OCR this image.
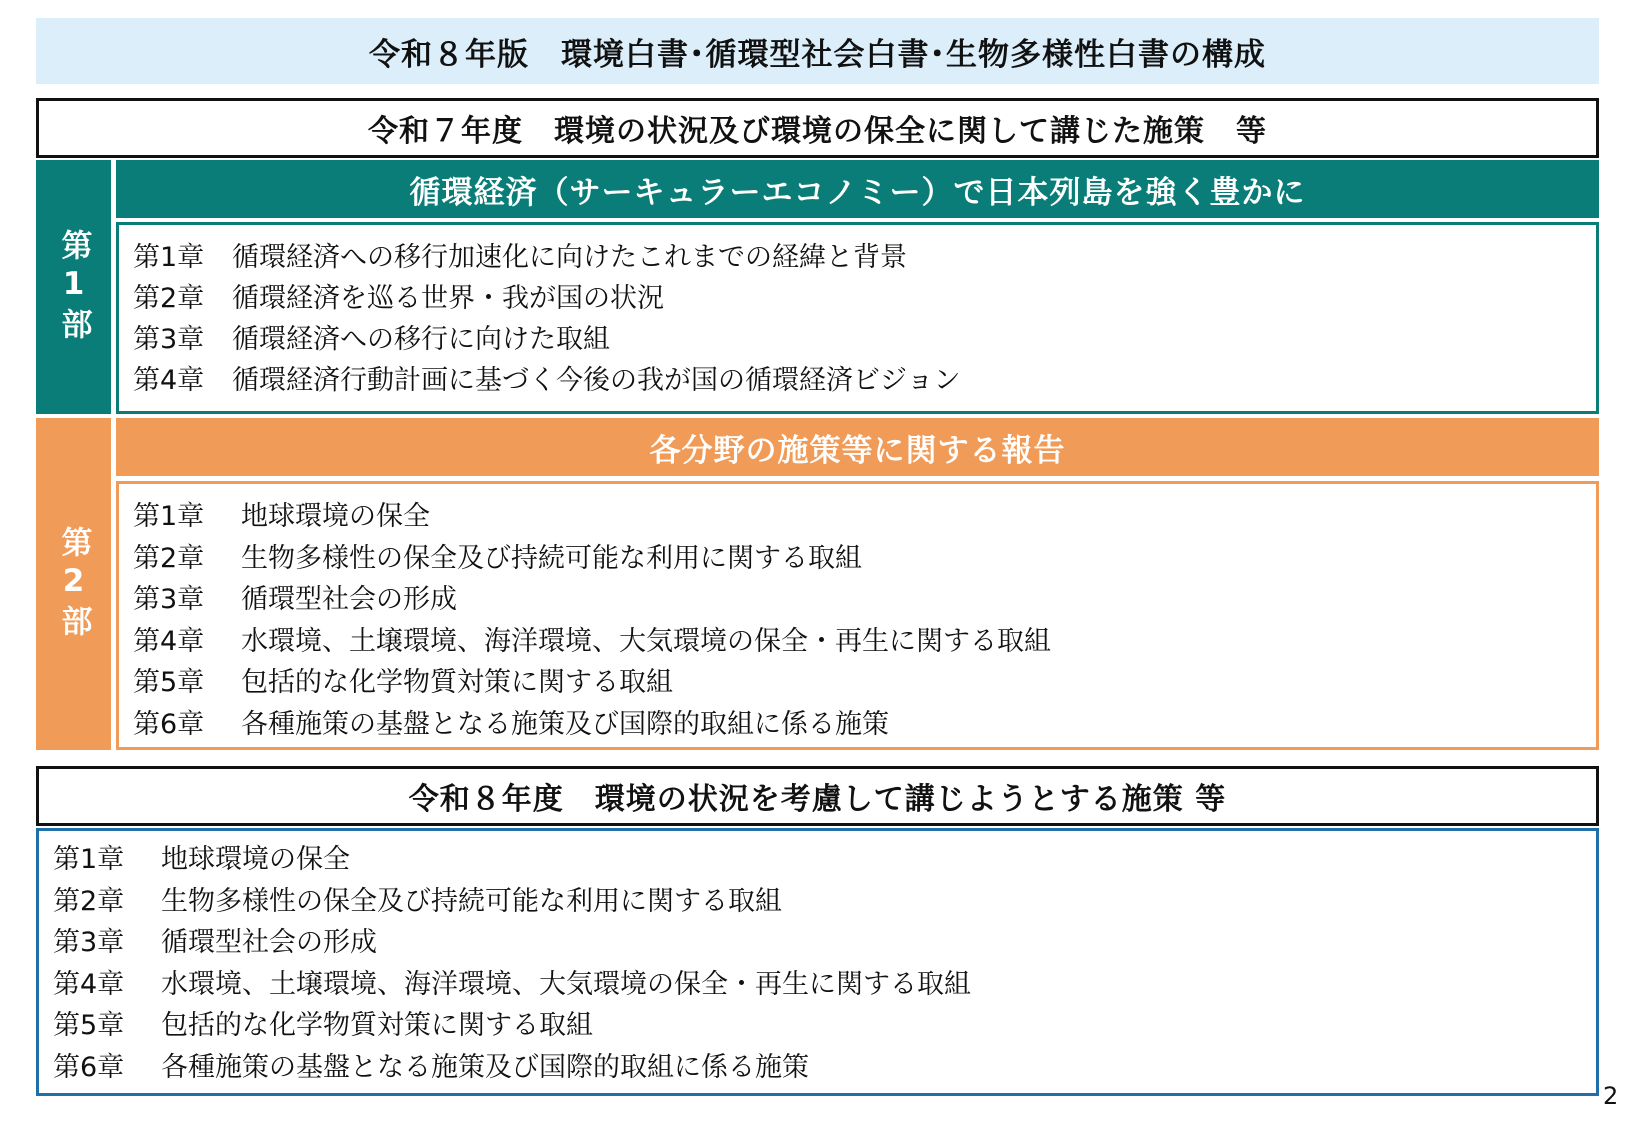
令和８年版　環境白書･循環型社会白書･生物多様性白書の構成
令和７年度　環境の状況及び環境の保全に関して講じた施策　等
第1部
循環経済（サーキュラーエコノミー）で日本列島を強く豊かに
第1章	循環経済への移行加速化に向けたこれまでの経緯と背景
第2章	循環経済を巡る世界・我が国の状況
第3章	循環経済への移行に向けた取組
第4章	循環経済行動計画に基づく今後の我が国の循環経済ビジョン
第2部
各分野の施策等に関する報告
第1章	地球環境の保全
第2章	生物多様性の保全及び持続可能な利用に関する取組
第3章	循環型社会の形成
第4章	水環境、土壌環境、海洋環境、大気環境の保全・再生に関する取組
第5章	包括的な化学物質対策に関する取組
第6章	各種施策の基盤となる施策及び国際的取組に係る施策
令和８年度　環境の状況を考慮して講じようとする施策 等
第1章	地球環境の保全
第2章	生物多様性の保全及び持続可能な利用に関する取組
第3章	循環型社会の形成
第4章	水環境、土壌環境、海洋環境、大気環境の保全・再生に関する取組
第5章	包括的な化学物質対策に関する取組
第6章	各種施策の基盤となる施策及び国際的取組に係る施策
2
